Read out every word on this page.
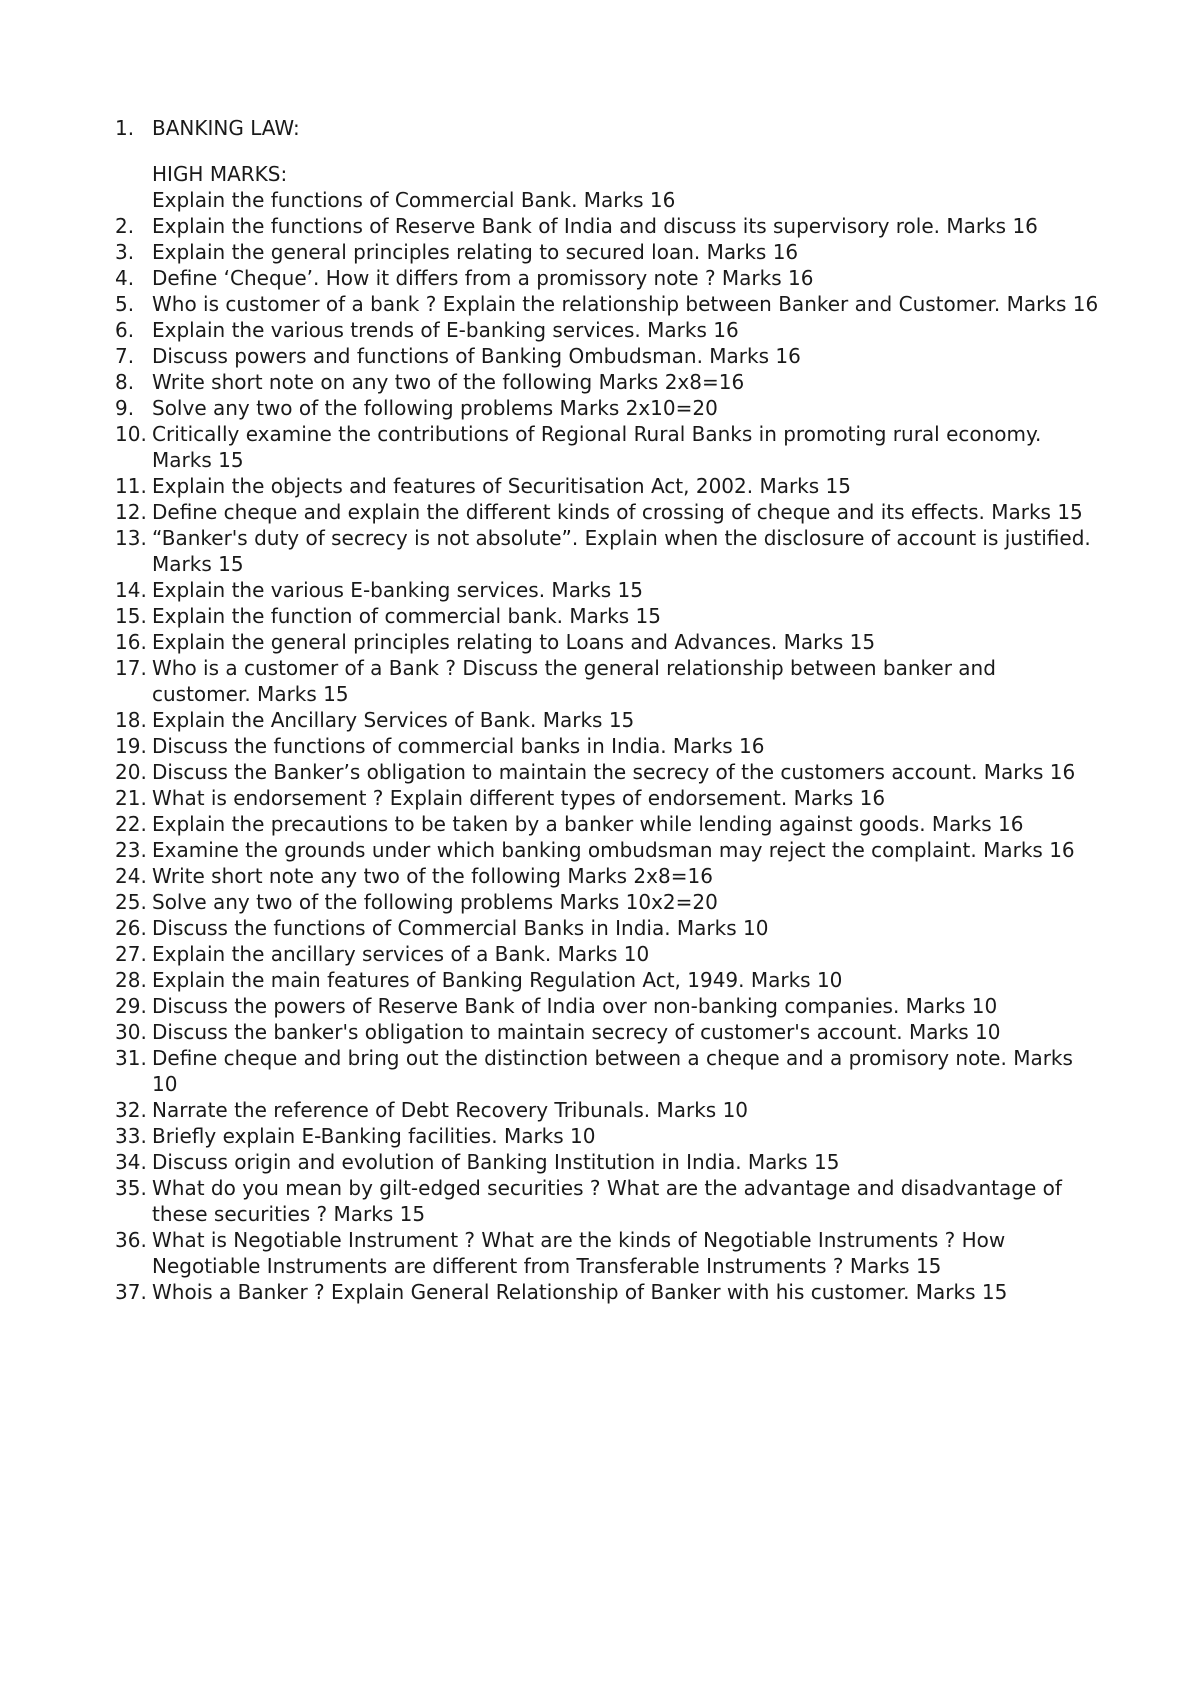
1. BANKING LAW:
HIGH MARKS:
Explain the functions of Commercial Bank. Marks 16
2. Explain the functions of Reserve Bank of India and discuss its supervisory role. Marks 16
3. Explain the general principles relating to secured loan. Marks 16
4. Define ‘Cheque’. How it differs from a promissory note ? Marks 16
5. Who is customer of a bank ? Explain the relationship between Banker and Customer. Marks 16
6. Explain the various trends of E-banking services. Marks 16
7. Discuss powers and functions of Banking Ombudsman. Marks 16
8. Write short note on any two of the following Marks 2x8=16
9. Solve any two of the following problems Marks 2x10=20
10. Critically examine the contributions of Regional Rural Banks in promoting rural economy. Marks 15
11. Explain the objects and features of Securitisation Act, 2002. Marks 15
12. Define cheque and explain the different kinds of crossing of cheque and its effects. Marks 15
13. “Banker's duty of secrecy is not absolute”. Explain when the disclosure of account is justified. Marks 15
14. Explain the various E-banking services. Marks 15
15. Explain the function of commercial bank. Marks 15
16. Explain the general principles relating to Loans and Advances. Marks 15
17. Who is a customer of a Bank ? Discuss the general relationship between banker and customer. Marks 15
18. Explain the Ancillary Services of Bank. Marks 15
19. Discuss the functions of commercial banks in India. Marks 16
20. Discuss the Banker’s obligation to maintain the secrecy of the customers account. Marks 16
21. What is endorsement ? Explain different types of endorsement. Marks 16
22. Explain the precautions to be taken by a banker while lending against goods. Marks 16
23. Examine the grounds under which banking ombudsman may reject the complaint. Marks 16
24. Write short note any two of the following Marks 2x8=16
25. Solve any two of the following problems Marks 10x2=20
26. Discuss the functions of Commercial Banks in India. Marks 10
27. Explain the ancillary services of a Bank. Marks 10
28. Explain the main features of Banking Regulation Act, 1949. Marks 10
29. Discuss the powers of Reserve Bank of India over non-banking companies. Marks 10
30. Discuss the banker's obligation to maintain secrecy of customer's account. Marks 10
31. Define cheque and bring out the distinction between a cheque and a promisory note. Marks 10
32. Narrate the reference of Debt Recovery Tribunals. Marks 10
33. Briefly explain E-Banking facilities. Marks 10
34. Discuss origin and evolution of Banking Institution in India. Marks 15
35. What do you mean by gilt-edged securities ? What are the advantage and disadvantage of these securities ? Marks 15
36. What is Negotiable Instrument ? What are the kinds of Negotiable Instruments ? How Negotiable Instruments are different from Transferable Instruments ? Marks 15
37. Whois a Banker ? Explain General Relationship of Banker with his customer. Marks 15
